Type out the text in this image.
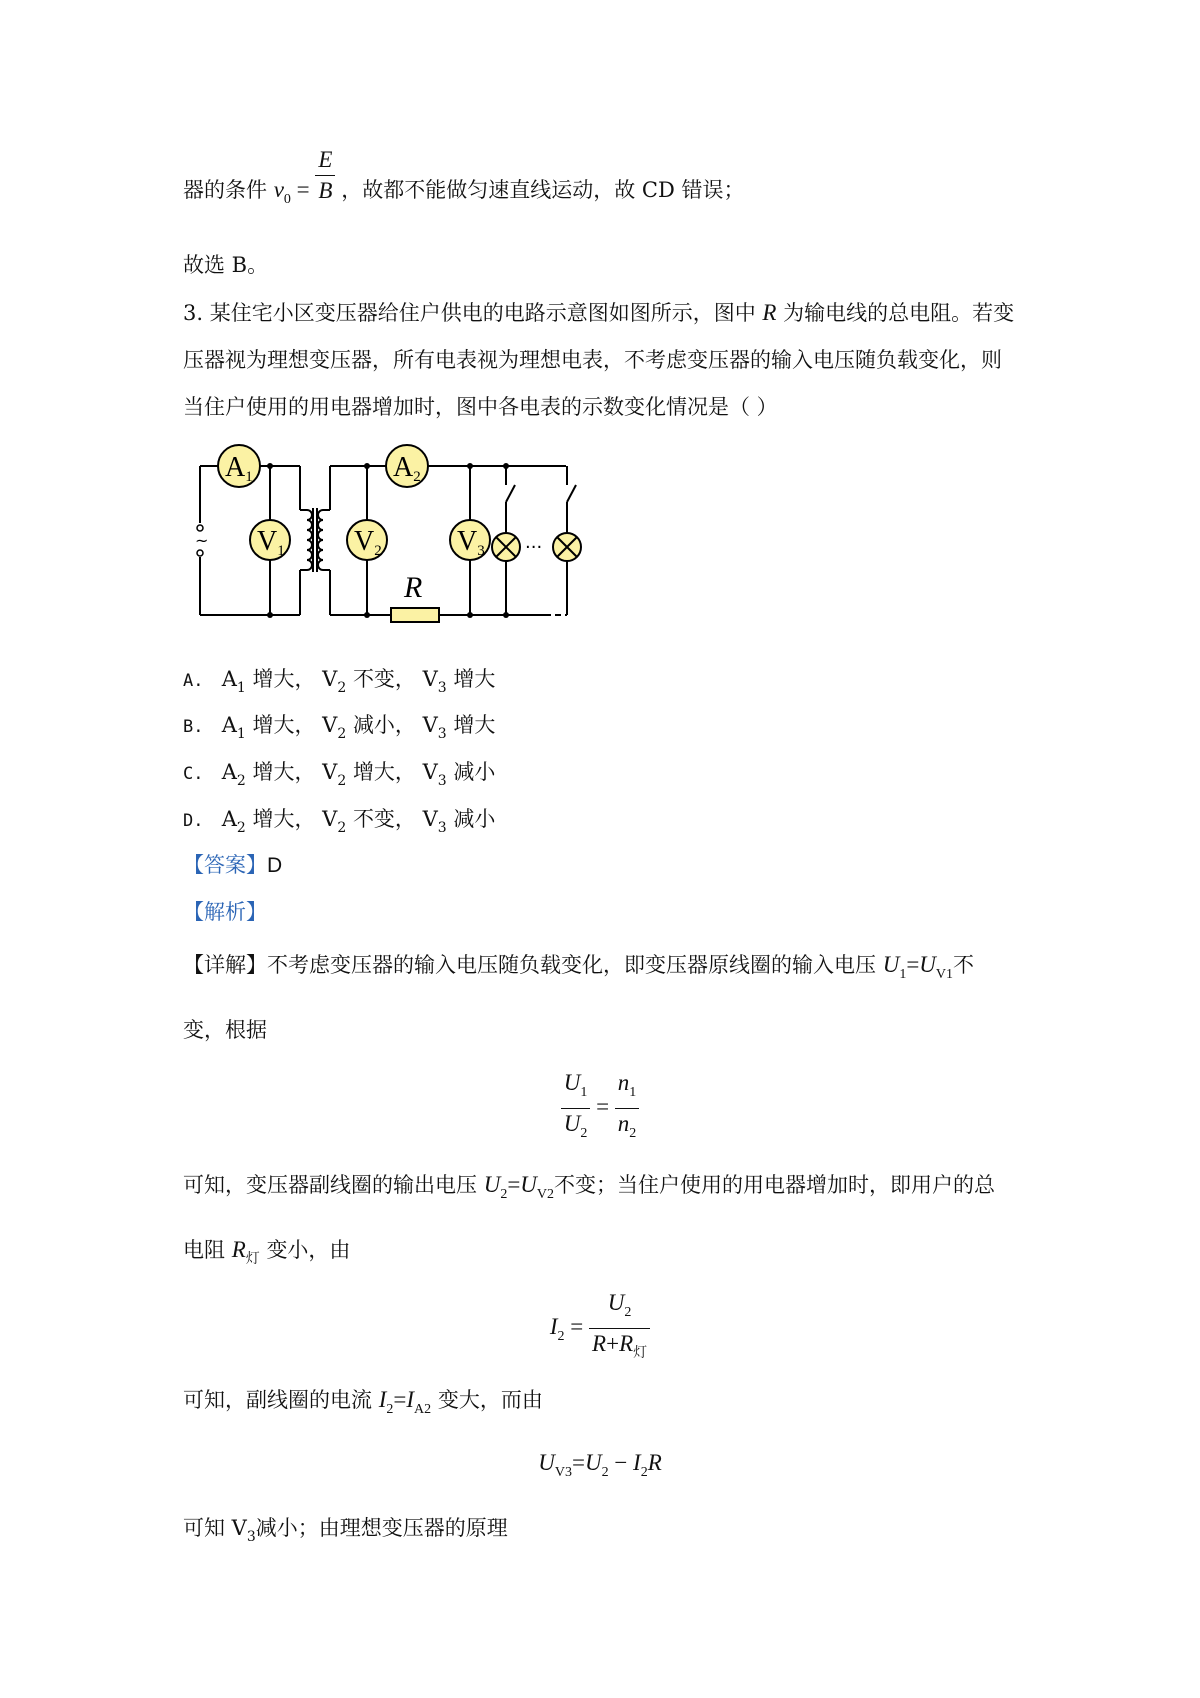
器的条件 $v_0 = \frac{E}{B}$ ，故都不能做匀速直线运动，故 CD 错误；
故选 B。
3. 某住宅小区变压器给住户供电的电路示意图如图所示，图中 R 为输电线的总电阻。若变
压器视为理想变压器，所有电表视为理想电表，不考虑变压器的输入电压随负载变化，则
当住户使用的用电器增加时，图中各电表的示数变化情况是（ ）
~
A1	A2
V1 V2	V3 ···
R
A. $A_1$ 增大， $V_2$ 不变， $V_3$ 增大
B. $A_1$ 增大， $V_2$ 减小， $V_3$ 增大
C. $A_2$ 增大， $V_2$ 增大， $V_3$ 减小
D. $A_2$ 增大， $V_2$ 不变， $V_3$ 减小
【答案】D
【解析】
【详解】不考虑变压器的输入电压随负载变化，即变压器原线圈的输入电压 $U_1=U_{V1}$不
变，根据
$\frac{U_1}{U_2} = \frac{n_1}{n_2}$
可知，变压器副线圈的输出电压 $U_2=U_{V2}$不变；当住户使用的用电器增加时，即用户的总
电阻 $R_灯$ 变小，由
$I_2 = \frac{U_2}{R+R_灯}$
可知，副线圈的电流 $I_2=I_{A2}$ 变大，而由
$U_{V3}=U_2 - I_2R$
可知 $V_3$减小；由理想变压器的原理
